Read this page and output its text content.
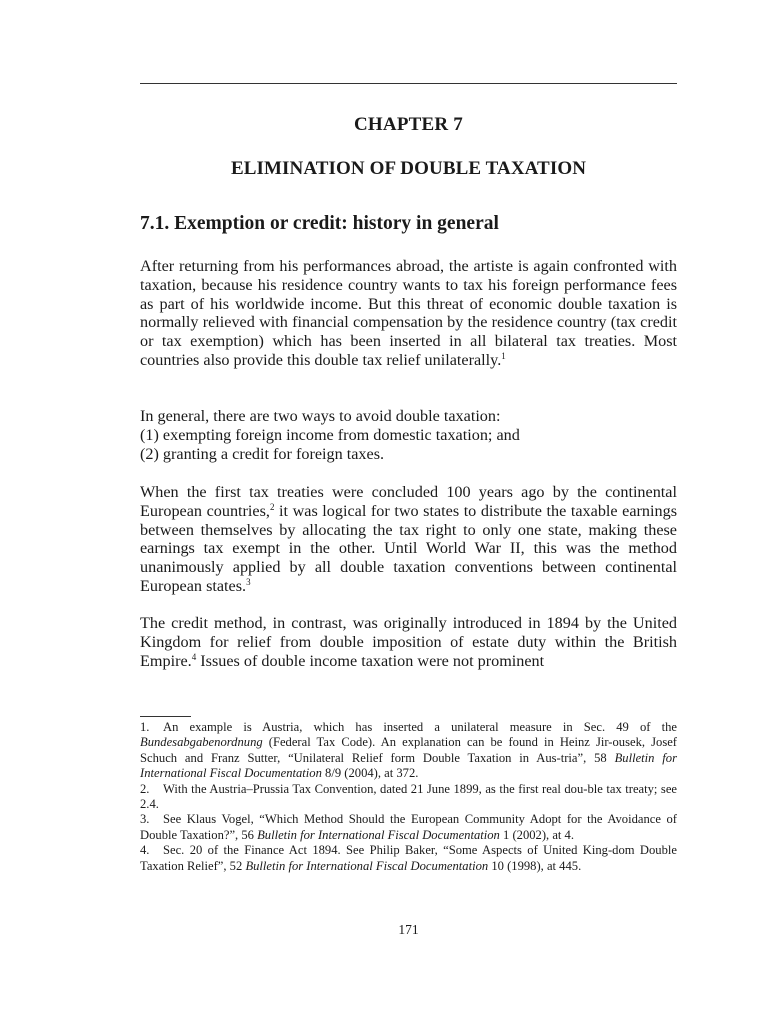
CHAPTER 7
ELIMINATION OF DOUBLE TAXATION
7.1. Exemption or credit: history in general

After returning from his performances abroad, the artiste is again confronted with taxation, because his residence country wants to tax his foreign performance fees as part of his worldwide income. But this threat of economic double taxation is normally relieved with financial compensation by the residence country (tax credit or tax exemption) which has been inserted in all bilateral tax treaties. Most countries also provide this double tax relief unilaterally.$^1$

In general, there are two ways to avoid double taxation:
(1) exempting foreign income from domestic taxation; and
(2) granting a credit for foreign taxes.

When the first tax treaties were concluded 100 years ago by the continental European countries,$^2$ it was logical for two states to distribute the taxable earnings between themselves by allocating the tax right to only one state, making these earnings tax exempt in the other. Until World War II, this was the method unanimously applied by all double taxation conventions between continental European states.$^3$

The credit method, in contrast, was originally introduced in 1894 by the United Kingdom for relief from double imposition of estate duty within the British Empire.$^4$ Issues of double income taxation were not prominent

1. An example is Austria, which has inserted a unilateral measure in Sec. 49 of the Bundesabgabenordnung (Federal Tax Code). An explanation can be found in Heinz Jir-ousek, Josef Schuch and Franz Sutter, “Unilateral Relief form Double Taxation in Aus-tria”, 58 Bulletin for International Fiscal Documentation 8/9 (2004), at 372.

2. With the Austria–Prussia Tax Convention, dated 21 June 1899, as the first real dou-ble tax treaty; see 2.4.

3. See Klaus Vogel, “Which Method Should the European Community Adopt for the Avoidance of Double Taxation?”, 56 Bulletin for International Fiscal Documentation 1 (2002), at 4.

4. Sec. 20 of the Finance Act 1894. See Philip Baker, “Some Aspects of United King-dom Double Taxation Relief”, 52 Bulletin for International Fiscal Documentation 10 (1998), at 445.

171
